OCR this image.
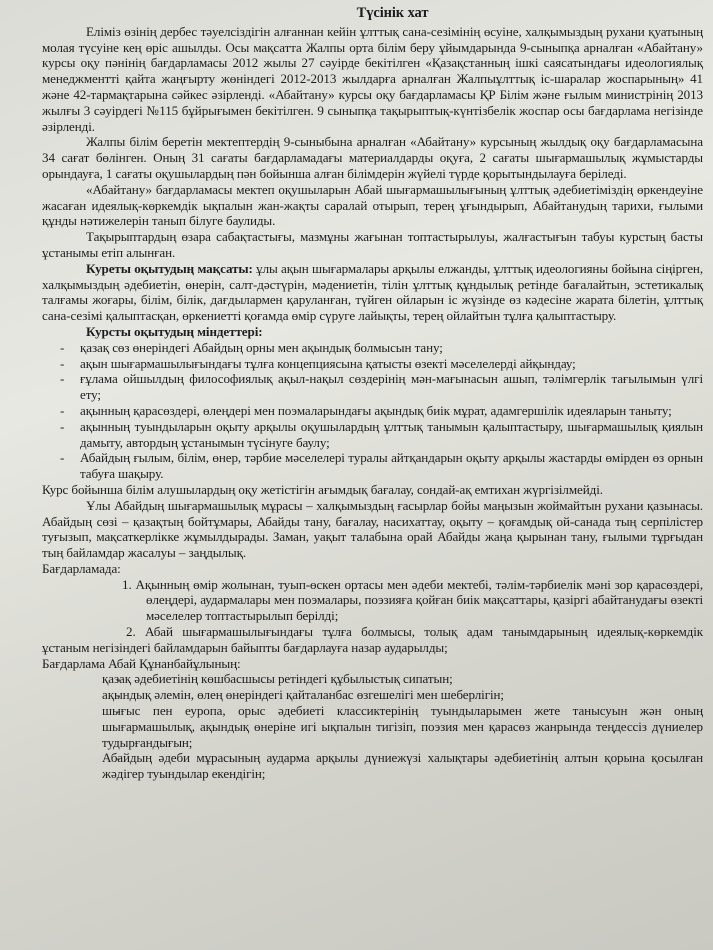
Түсінік хат

Еліміз өзінің дербес тәуелсіздігін алғаннан кейін ұлттық сана-сезімінің өсуіне, халқымыздың рухани қуатының молая түсуіне кең өріс ашылды. Осы мақсатта Жалпы орта білім беру ұйымдарында 9-сыныпқа арналған «Абайтану» курсы оқу пәнінің бағдарламасы 2012 жылы 27 сәуірде бекітілген «Қазақстанның ішкі саясатындағы идеологиялық менеджментті қайта жаңғырту жөніндегі 2012-2013 жылдарға арналған Жалпыұлттық іс-шаралар жоспарының» 41 және 42-тармақтарына сәйкес әзірленді. «Абайтану» курсы оқу бағдарламасы ҚР Білім және ғылым министрінің 2013 жылғы 3 сәуірдегі №115 бұйрығымен бекітілген. 9 сыныпқа тақырыптық-күнтізбелік жоспар осы бағдарлама негізінде әзірленді.

Жалпы білім беретін мектептердің 9-сыныбына арналған «Абайтану» курсының жылдық оқу бағдарламасына 34 сағат бөлінген. Оның 31 сағаты бағдарламадағы материалдарды оқуға, 2 сағаты шығармашылық жұмыстарды орындауға, 1 сағаты оқушылардың пән бойынша алған білімдерін жүйелі түрде қорытындылауға беріледі.

«Абайтану» бағдарламасы мектеп оқушыларын Абай шығармашылығының ұлттық әдебиетіміздің өркендеуіне жасаған идеялық-көркемдік ықпалын жан-жақты саралай отырып, терең ұғындырып, Абайтанудың тарихи, ғылыми құнды нәтижелерін танып білуге баулиды.

Тақырыптардың өзара сабақтастығы, мазмұны жағынан топтастырылуы, жалғастығын табуы курстың басты ұстанымы етіп алынған.

Куреты оқытудың мақсаты: ұлы ақын шығармалары арқылы елжанды, ұлттық идеологияны бойына сіңірген, халқымыздың әдебиетін, өнерін, салт-дәстүрін, мәдениетін, тілін ұлттық құндылық ретінде бағалайтын, эстетикалық талғамы жоғары, білім, білік, дағдылармен қаруланған, түйген ойларын іс жүзінде өз кәдесіне жарата білетін, ұлттық сана-сезімі қалыптасқан, өркениетті қоғамда өмір сүруге лайықты, терең ойлайтын тұлға қалыптастыру.

Курсты оқытудың міндеттері:
- қазақ сөз өнеріндегі Абайдың орны мен ақындық болмысын тану;
- ақын шығармашылығындағы тұлға концепциясына қатысты өзекті мәселелерді айқындау;
- ғұлама ойшылдың философиялық ақыл-нақыл сөздерінің мән-мағынасын ашып, тәлімгерлік тағылымын үлгі ету;
- ақынның қарасөздері, өлеңдері мен поэмаларындағы ақындық биік мұрат, адамгершілік идеяларын таныту;
- ақынның туындыларын оқыту арқылы оқушылардың ұлттық танымын қалыптастыру, шығармашылық қиялын дамыту, автордың ұстанымын түсінуге баулу;
- Абайдың ғылым, білім, өнер, тәрбие мәселелері туралы айтқандарын оқыту арқылы жастарды өмірден өз орнын табуға шақыру.

Курс бойынша білім алушылардың оқу жетістігін ағымдық бағалау, сондай-ақ емтихан жүргізілмейді.

Ұлы Абайдың шығармашылық мұрасы – халқымыздың ғасырлар бойы маңызын жоймайтын рухани қазынасы. Абайдың сөзі – қазақтың бойтұмары, Абайды тану, бағалау, насихаттау, оқыту – қоғамдық ой-санада тың серпілістер туғызып, мақсаткерлікке жұмылдырады. Заман, уақыт талабына орай Абайды жаңа қырынан тану, ғылыми тұрғыдан тың байламдар жасалуы – заңдылық.

Бағдарламада:

1. Ақынның өмір жолынан, туып-өскен ортасы мен әдеби мектебі, тәлім-тәрбиелік мәні зор қарасөздері, өлеңдері, аудармалары мен поэмалары, поэзияға қойған биік мақсаттары, қазіргі абайтанудағы өзекті мәселелер топтастырылып берілді;

2. Абай шығармашылығындағы тұлға болмысы, толық адам танымдарының идеялық-көркемдік ұстаным негізіндегі байламдарын байыпты бағдарлауға назар аударылды;

Бағдарлама Абай Құнанбайұлының:

- қазақ әдебиетінің көшбасшысы ретіндегі құбылыстық сипатын;
- ақындық әлемін, өлең өнеріндегі қайталанбас өзгешелігі мен шеберлігін;
- шығыс пен еуропа, орыс әдебиеті классиктерінің туындыларымен жете танысуын жән оның шығармашылық, ақындық өнеріне игі ықпалын тигізіп, поэзия мен қарасөз жанрында теңдессіз дүниелер тудырғандығын;
- Абайдың әдеби мұрасының аударма арқылы дүниежүзі халықтары әдебиетінің алтын қорына қосылған жәдігер туындылар екендігін;
